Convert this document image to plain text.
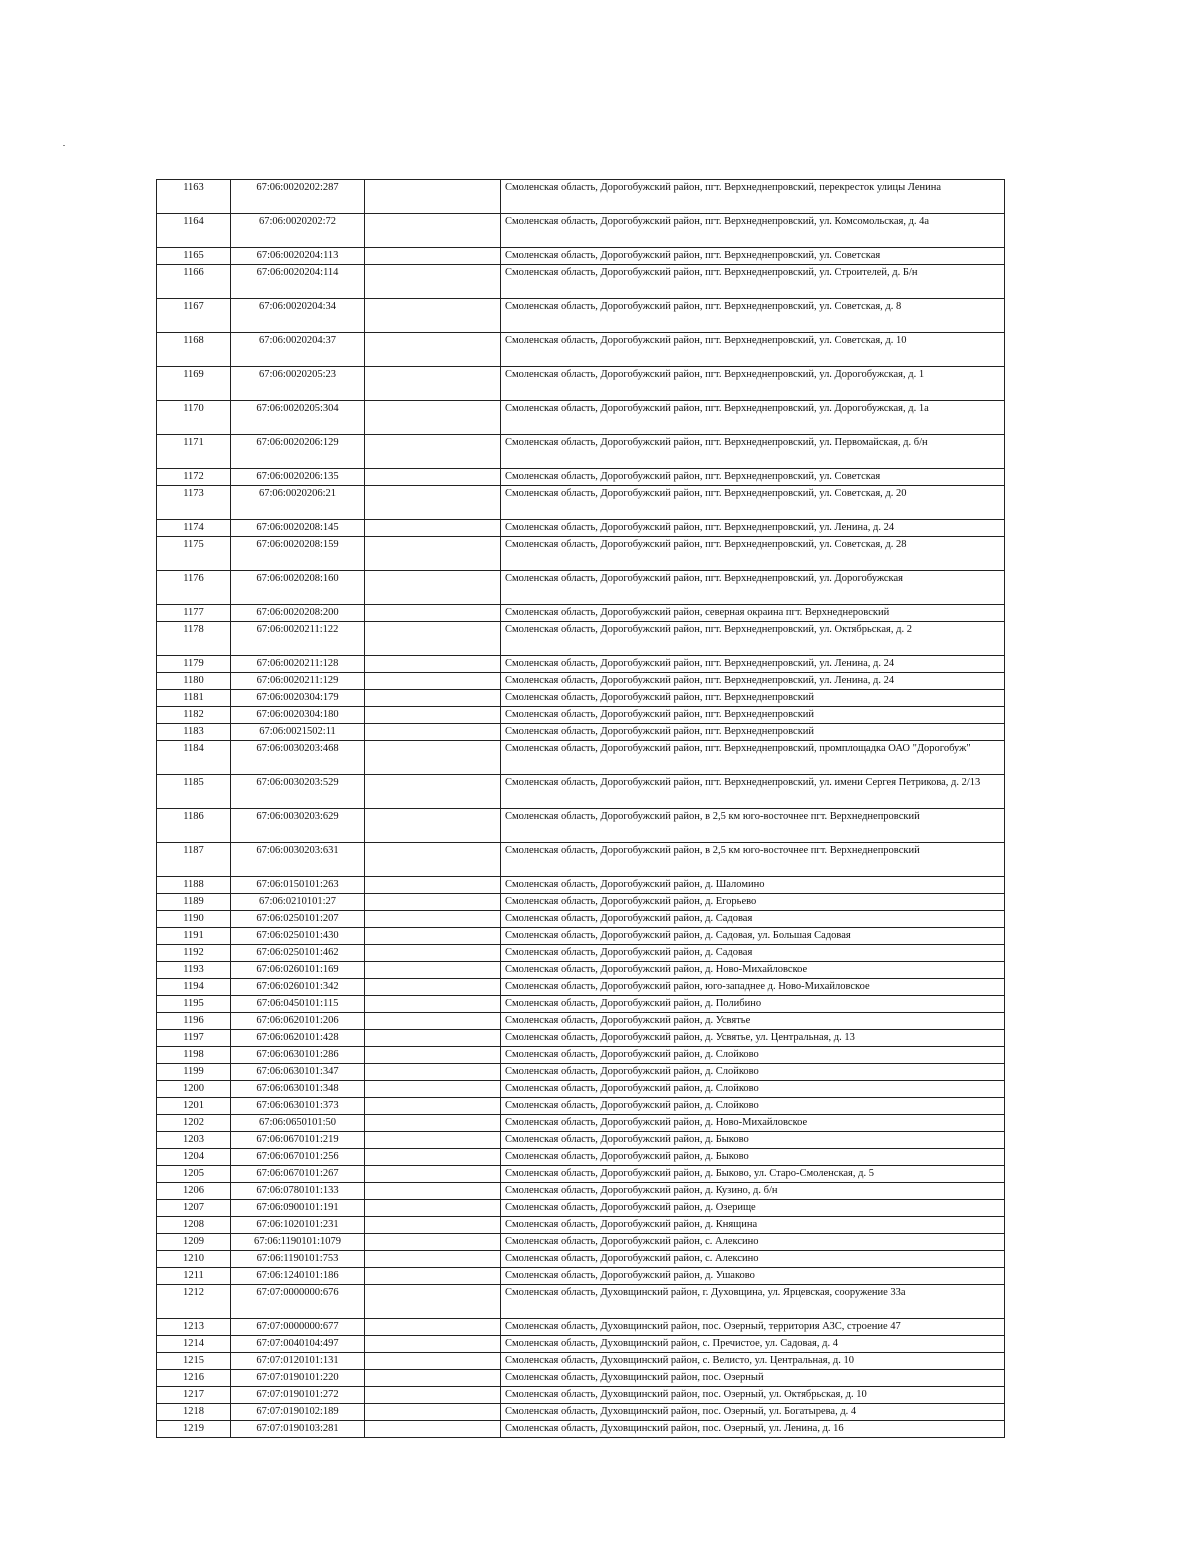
1163	67:06:0020202:287		Смоленская область, Дорогобужский район, пгт. Верхнеднепровский, перекресток улицы Ленина
1164	67:06:0020202:72		Смоленская область, Дорогобужский район, пгт. Верхнеднепровский, ул. Комсомольская, д. 4а
1165	67:06:0020204:113		Смоленская область, Дорогобужский район, пгт. Верхнеднепровский, ул. Советская
1166	67:06:0020204:114		Смоленская область, Дорогобужский район, пгт. Верхнеднепровский, ул. Строителей, д. Б/н
1167	67:06:0020204:34		Смоленская область, Дорогобужский район, пгт. Верхнеднепровский, ул. Советская, д. 8
1168	67:06:0020204:37		Смоленская область, Дорогобужский район, пгт. Верхнеднепровский, ул. Советская, д. 10
1169	67:06:0020205:23		Смоленская область, Дорогобужский район, пгт. Верхнеднепровский, ул. Дорогобужская, д. 1
1170	67:06:0020205:304		Смоленская область, Дорогобужский район, пгт. Верхнеднепровский, ул. Дорогобужская, д. 1а
1171	67:06:0020206:129		Смоленская область, Дорогобужский район, пгт. Верхнеднепровский, ул. Первомайская, д. б/н
1172	67:06:0020206:135		Смоленская область, Дорогобужский район, пгт. Верхнеднепровский, ул. Советская
1173	67:06:0020206:21		Смоленская область, Дорогобужский район, пгт. Верхнеднепровский, ул. Советская, д. 20
1174	67:06:0020208:145		Смоленская область, Дорогобужский район, пгт. Верхнеднепровский, ул. Ленина, д. 24
1175	67:06:0020208:159		Смоленская область, Дорогобужский район, пгт. Верхнеднепровский, ул. Советская, д. 28
1176	67:06:0020208:160		Смоленская область, Дорогобужский район, пгт. Верхнеднепровский, ул. Дорогобужская
1177	67:06:0020208:200		Смоленская область, Дорогобужский район, северная окраина пгт. Верхнеднеровский
1178	67:06:0020211:122		Смоленская область, Дорогобужский район, пгт. Верхнеднепровский, ул. Октябрьская, д. 2
1179	67:06:0020211:128		Смоленская область, Дорогобужский район, пгт. Верхнеднепровский, ул. Ленина, д. 24
1180	67:06:0020211:129		Смоленская область, Дорогобужский район, пгт. Верхнеднепровский, ул. Ленина, д. 24
1181	67:06:0020304:179		Смоленская область, Дорогобужский район, пгт. Верхнеднепровский
1182	67:06:0020304:180		Смоленская область, Дорогобужский район, пгт. Верхнеднепровский
1183	67:06:0021502:11		Смоленская область, Дорогобужский район, пгт. Верхнеднепровский
1184	67:06:0030203:468		Смоленская область, Дорогобужский район, пгт. Верхнеднепровский, промплощадка ОАО "Дорогобуж"
1185	67:06:0030203:529		Смоленская область, Дорогобужский район, пгт. Верхнеднепровский, ул. имени Сергея Петрикова, д. 2/13
1186	67:06:0030203:629		Смоленская область, Дорогобужский район, в 2,5 км юго-восточнее пгт. Верхнеднепровский
1187	67:06:0030203:631		Смоленская область, Дорогобужский район, в 2,5 км юго-восточнее пгт. Верхнеднепровский
1188	67:06:0150101:263		Смоленская область, Дорогобужский район, д. Шаломино
1189	67:06:0210101:27		Смоленская область, Дорогобужский район, д. Егорьево
1190	67:06:0250101:207		Смоленская область, Дорогобужский район, д. Садовая
1191	67:06:0250101:430		Смоленская область, Дорогобужский район, д. Садовая, ул. Большая Садовая
1192	67:06:0250101:462		Смоленская область, Дорогобужский район, д. Садовая
1193	67:06:0260101:169		Смоленская область, Дорогобужский район, д. Ново-Михайловское
1194	67:06:0260101:342		Смоленская область, Дорогобужский район, юго-западнее д. Ново-Михайловское
1195	67:06:0450101:115		Смоленская область, Дорогобужский район, д. Полибино
1196	67:06:0620101:206		Смоленская область, Дорогобужский район, д. Усвятье
1197	67:06:0620101:428		Смоленская область, Дорогобужский район, д. Усвятье, ул. Центральная, д. 13
1198	67:06:0630101:286		Смоленская область, Дорогобужский район, д. Слойково
1199	67:06:0630101:347		Смоленская область, Дорогобужский район, д. Слойково
1200	67:06:0630101:348		Смоленская область, Дорогобужский район, д. Слойково
1201	67:06:0630101:373		Смоленская область, Дорогобужский район, д. Слойково
1202	67:06:0650101:50		Смоленская область, Дорогобужский район, д. Ново-Михайловское
1203	67:06:0670101:219		Смоленская область, Дорогобужский район, д. Быково
1204	67:06:0670101:256		Смоленская область, Дорогобужский район, д. Быково
1205	67:06:0670101:267		Смоленская область, Дорогобужский район, д. Быково, ул. Старо-Смоленская, д. 5
1206	67:06:0780101:133		Смоленская область, Дорогобужский район, д. Кузино, д. б/н
1207	67:06:0900101:191		Смоленская область, Дорогобужский район, д. Озерище
1208	67:06:1020101:231		Смоленская область, Дорогобужский район, д. Княщина
1209	67:06:1190101:1079		Смоленская область, Дорогобужский район, с. Алексино
1210	67:06:1190101:753		Смоленская область, Дорогобужский район, с. Алексино
1211	67:06:1240101:186		Смоленская область, Дорогобужский район, д. Ушаково
1212	67:07:0000000:676		Смоленская область, Духовщинский район, г. Духовщина, ул. Ярцевская, сооружение 33а
1213	67:07:0000000:677		Смоленская область, Духовщинский район, пос. Озерный, территория АЗС, строение 47
1214	67:07:0040104:497		Смоленская область, Духовщинский район, с. Пречистое, ул. Садовая, д. 4
1215	67:07:0120101:131		Смоленская область, Духовщинский район, с. Велисто, ул. Центральная, д. 10
1216	67:07:0190101:220		Смоленская область, Духовщинский район, пос. Озерный
1217	67:07:0190101:272		Смоленская область, Духовщинский район, пос. Озерный, ул. Октябрьская, д. 10
1218	67:07:0190102:189		Смоленская область, Духовщинский район, пос. Озерный, ул. Богатырева, д. 4
1219	67:07:0190103:281		Смоленская область, Духовщинский район, пос. Озерный, ул. Ленина, д. 16
